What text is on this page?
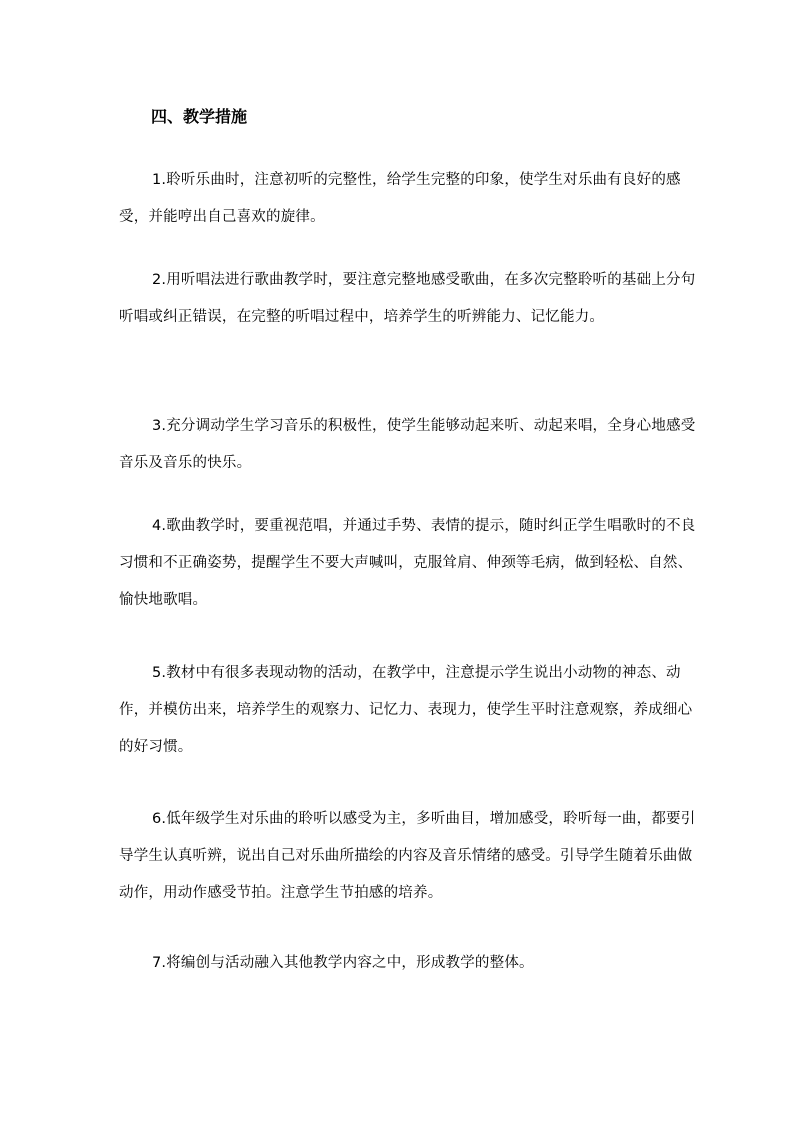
四、教学措施
1.聆听乐曲时，注意初听的完整性，给学生完整的印象，使学生对乐曲有良好的感受，并能哼出自己喜欢的旋律。
2.用听唱法进行歌曲教学时，要注意完整地感受歌曲，在多次完整聆听的基础上分句听唱或纠正错误，在完整的听唱过程中，培养学生的听辨能力、记忆能力。
3.充分调动学生学习音乐的积极性，使学生能够动起来听、动起来唱，全身心地感受音乐及音乐的快乐。
4.歌曲教学时，要重视范唱，并通过手势、表情的提示，随时纠正学生唱歌时的不良习惯和不正确姿势，提醒学生不要大声喊叫，克服耸肩、伸颈等毛病，做到轻松、自然、愉快地歌唱。
5.教材中有很多表现动物的活动，在教学中，注意提示学生说出小动物的神态、动作，并模仿出来，培养学生的观察力、记忆力、表现力，使学生平时注意观察，养成细心的好习惯。
6.低年级学生对乐曲的聆听以感受为主，多听曲目，增加感受，聆听每一曲，都要引导学生认真听辨，说出自己对乐曲所描绘的内容及音乐情绪的感受。引导学生随着乐曲做动作，用动作感受节拍。注意学生节拍感的培养。
7.将编创与活动融入其他教学内容之中，形成教学的整体。
